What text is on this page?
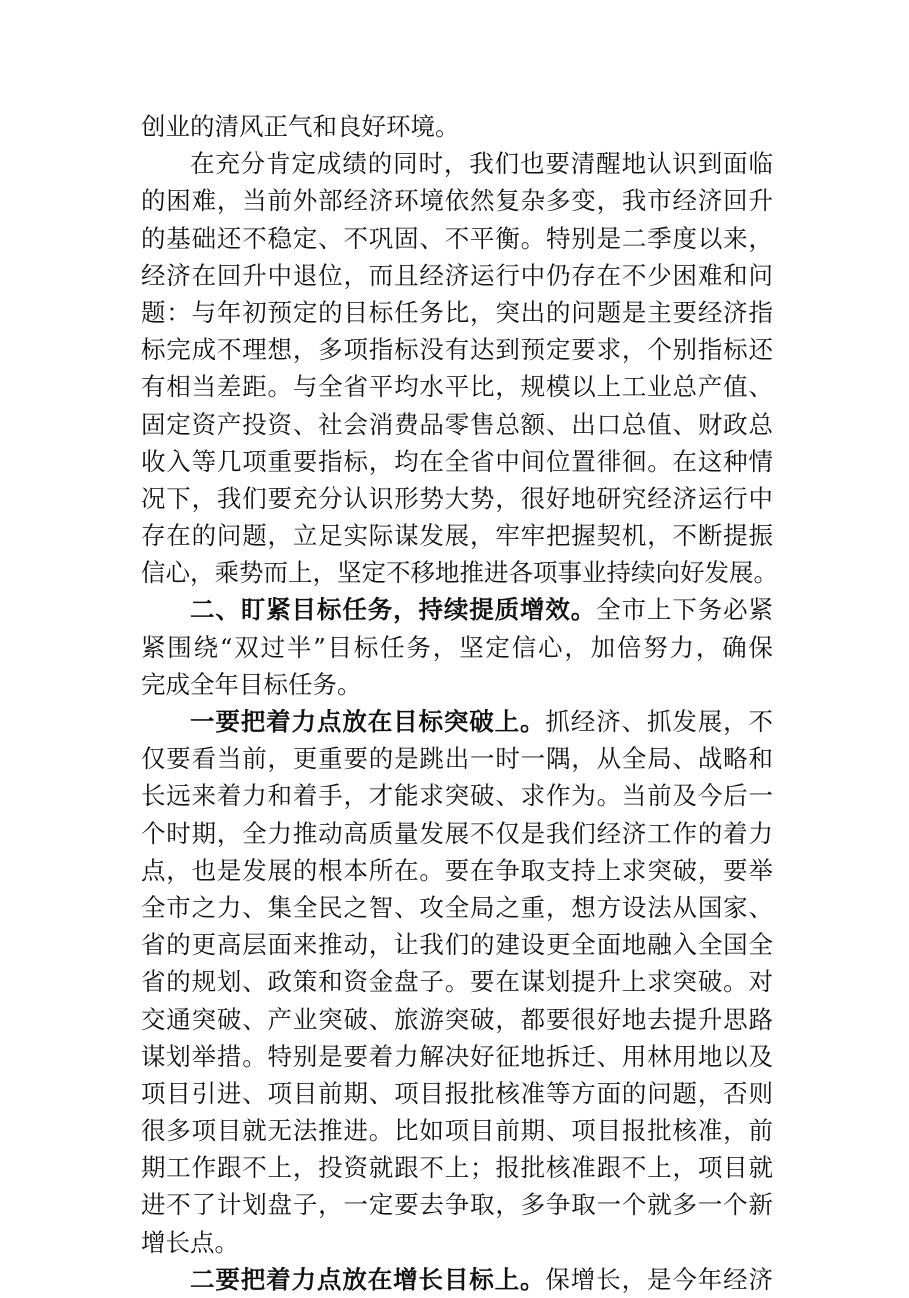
创业的清风正气和良好环境。
在充分肯定成绩的同时，我们也要清醒地认识到面临
的困难，当前外部经济环境依然复杂多变，我市经济回升
的基础还不稳定、不巩固、不平衡。特别是二季度以来，
经济在回升中退位，而且经济运行中仍存在不少困难和问
题：与年初预定的目标任务比，突出的问题是主要经济指
标完成不理想，多项指标没有达到预定要求，个别指标还
有相当差距。与全省平均水平比，规模以上工业总产值、
固定资产投资、社会消费品零售总额、出口总值、财政总
收入等几项重要指标，均在全省中间位置徘徊。在这种情
况下，我们要充分认识形势大势，很好地研究经济运行中
存在的问题，立足实际谋发展，牢牢把握契机，不断提振
信心，乘势而上，坚定不移地推进各项事业持续向好发展。
二、盯紧目标任务，持续提质增效。全市上下务必紧
紧围绕“双过半”目标任务，坚定信心，加倍努力，确保
完成全年目标任务。
一要把着力点放在目标突破上。抓经济、抓发展，不
仅要看当前，更重要的是跳出一时一隅，从全局、战略和
长远来着力和着手，才能求突破、求作为。当前及今后一
个时期，全力推动高质量发展不仅是我们经济工作的着力
点，也是发展的根本所在。要在争取支持上求突破，要举
全市之力、集全民之智、攻全局之重，想方设法从国家、
省的更高层面来推动，让我们的建设更全面地融入全国全
省的规划、政策和资金盘子。要在谋划提升上求突破。对
交通突破、产业突破、旅游突破，都要很好地去提升思路
谋划举措。特别是要着力解决好征地拆迁、用林用地以及
项目引进、项目前期、项目报批核准等方面的问题，否则
很多项目就无法推进。比如项目前期、项目报批核准，前
期工作跟不上，投资就跟不上；报批核准跟不上，项目就
进不了计划盘子，一定要去争取，多争取一个就多一个新
增长点。
二要把着力点放在增长目标上。保增长，是今年经济
